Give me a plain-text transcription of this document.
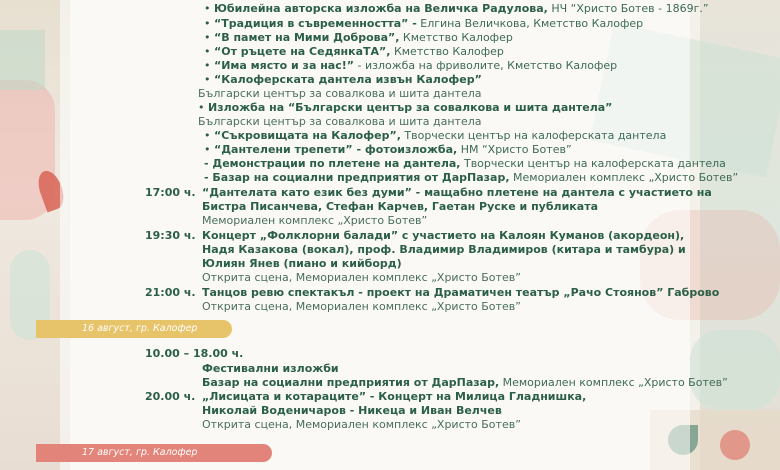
• Юбилейна авторска изложба на Величка Радулова, НЧ “Христо Ботев - 1869г.”
• “Традиция в съвременността” - Елгина Величкова, Кметство Калофер
• “В памет на Мими Доброва”, Кметство Калофер
• “От ръцете на СедянкаТА”, Кметство Калофер
• “Има място и за нас!” - изложба на фриволите, Кметство Калофер
• “Калоферската дантела извън Калофер”
Български център за совалкова и шита дантела
• Изложба на “Български център за совалкова и шита дантела”
Български център за совалкова и шита дантела
• “Съкровищата на Калофер”, Творчески център на калоферската дантела
• “Дантелени трепети” - фотоизложба, НМ “Христо Ботев”
- Демонстрации по плетене на дантела, Творчески център на калоферската дантела
- Базар на социални предприятия от ДарПазар, Мемориален комплекс „Христо Ботев”
17:00 ч. “Дантелата като език без думи” - мащабно плетене на дантела с участието на
Бистра Писанчева, Стефан Карчев, Гаетан Руске и публиката
Мемориален комплекс „Христо Ботев”
19:30 ч. Концерт „Фолклорни балади” с участието на Калоян Куманов (акордеон),
Надя Казакова (вокал), проф. Владимир Владимиров (китара и тамбура) и
Юлиян Янев (пиано и кийборд)
Открита сцена, Мемориален комплекс „Христо Ботев”
21:00 ч. Танцов ревю спектакъл - проект на Драматичен театър „Рачо Стоянов” Габрово
Открита сцена, Мемориален комплекс „Христо Ботев”
16 август, гр. Калофер
10.00 – 18.00 ч.
Фестивални изложби
Базар на социални предприятия от ДарПазар, Мемориален комплекс „Христо Ботев”
20.00 ч. „Лисицата и котараците” - Концерт на Милица Гладнишка,
Николай Воденичаров - Никеца и Иван Велчев
Открита сцена, Мемориален комплекс „Христо Ботев”
17 август, гр. Калофер
